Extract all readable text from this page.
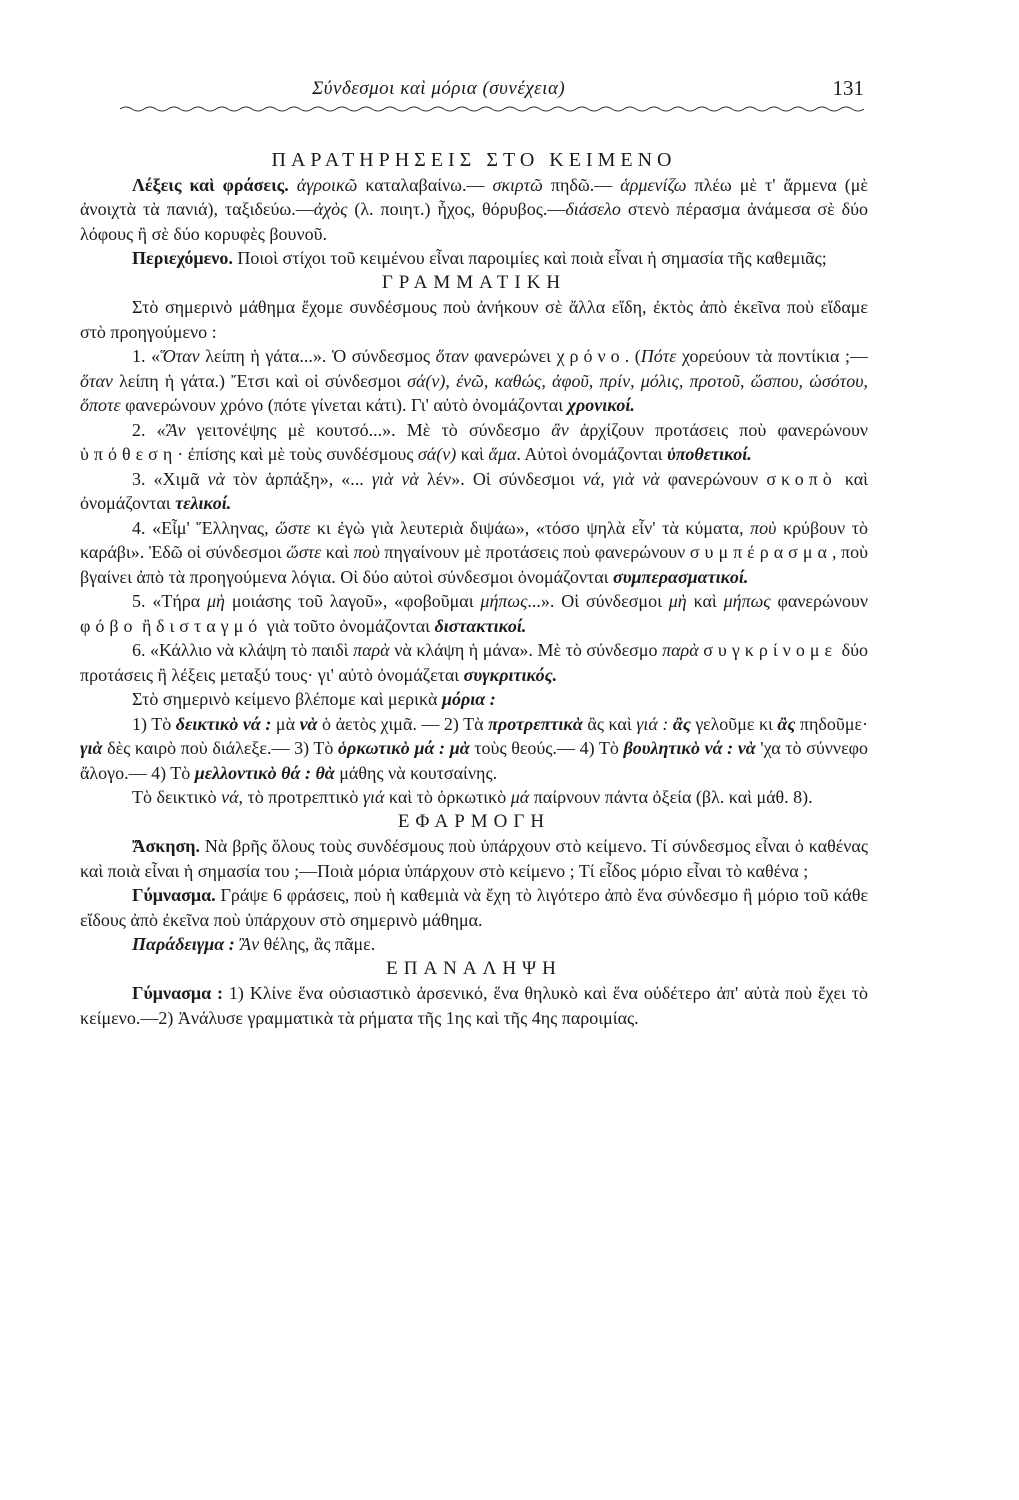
Σύνδεσμοι καὶ μόρια (συνέχεια)	131

ΠΑΡΑΤΗΡΗΣΕΙΣ ΣΤΟ ΚΕΙΜΕΝΟ

Λέξεις καὶ φράσεις. ἀγροικῶ καταλαβαίνω.— σκιρτῶ πηδῶ.— ἁρμενίζω πλέω μὲ τ' ἄρμενα (μὲ ἀνοιχτὰ τὰ πανιά), ταξιδεύω.—ἀχὸς (λ. ποιητ.) ἦχος, θόρυβος.—διάσελο στενὸ πέρασμα ἀνάμεσα σὲ δύο λόφους ἢ σὲ δύο κορυφὲς βουνοῦ.

Περιεχόμενο. Ποιοὶ στίχοι τοῦ κειμένου εἶναι παροιμίες καὶ ποιὰ εἶναι ἡ σημασία τῆς καθεμιᾶς;

ΓΡΑΜΜΑΤΙΚΗ

Στὸ σημερινὸ μάθημα ἔχομε συνδέσμους ποὺ ἀνήκουν σὲ ἄλλα εἴδη, ἐκτὸς ἀπὸ ἐκεῖνα ποὺ εἴδαμε στὸ προηγούμενο :

1. «Ὅταν λείπη ἡ γάτα...». Ὁ σύνδεσμος ὅταν φανερώνει χρόνο. (Πότε χορεύουν τὰ ποντίκια ;—ὅταν λείπη ἡ γάτα.) Ἔτσι καὶ οἱ σύνδεσμοι σά(ν), ἐνῶ, καθώς, ἀφοῦ, πρίν, μόλις, προτοῦ, ὥσπου, ὡσότου, ὅποτε φανερώνουν χρόνο (πότε γίνεται κάτι). Γι' αὐτὸ ὀνομάζονται χρονικοί.

2. «Ἂν γειτονέψης μὲ κουτσό...». Μὲ τὸ σύνδεσμο ἂν ἀρχίζουν προτάσεις ποὺ φανερώνουν ὑπόθεση· ἐπίσης καὶ μὲ τοὺς συνδέσμους σά(ν) καὶ ἅμα. Αὐτοὶ ὀνομάζονται ὑποθετικοί.

3. «Χιμᾶ νὰ τὸν ἁρπάξη», «... γιὰ νὰ λέν». Οἱ σύνδεσμοι νά, γιὰ νὰ φανερώνουν σκοπὸ καὶ ὀνομάζονται τελικοί.

4. «Εἶμ' Ἕλληνας, ὥστε κι ἐγὼ γιὰ λευτεριὰ διψάω», «τόσο ψηλὰ εἶν' τὰ κύματα, ποὺ κρύβουν τὸ καράβι». Ἐδῶ οἱ σύνδεσμοι ὥστε καὶ ποὺ πηγαίνουν μὲ προτάσεις ποὺ φανερώνουν συμπέρασμα, ποὺ βγαίνει ἀπὸ τὰ προηγούμενα λόγια. Οἱ δύο αὐτοὶ σύνδεσμοι ὀνομάζονται συμπερασματικοί.

5. «Τήρα μὴ μοιάσης τοῦ λαγοῦ», «φοβοῦμαι μήπως...». Οἱ σύνδεσμοι μὴ καὶ μήπως φανερώνουν φόβο ἢ δισταγμό γιὰ τοῦτο ὀνομάζονται διστακτικοί.

6. «Κάλλιο νὰ κλάψη τὸ παιδὶ παρὰ νὰ κλάψη ἡ μάνα». Μὲ τὸ σύνδεσμο παρὰ συγκρίνομε δύο προτάσεις ἢ λέξεις μεταξύ τους· γι' αὐτὸ ὀνομάζεται συγκριτικός.

Στὸ σημερινὸ κείμενο βλέπομε καὶ μερικὰ μόρια :

1) Τὸ δεικτικὸ νά : μὰ νὰ ὁ ἀετὸς χιμᾶ. — 2) Τὰ προτρεπτικὰ ἂς καὶ γιά : ἂς γελοῦμε κι ἂς πηδοῦμε· γιὰ δὲς καιρὸ ποὺ διάλεξε.— 3) Τὸ ὁρκωτικὸ μά : μὰ τοὺς θεούς.— 4) Τὸ βουλητικὸ νά : νὰ 'χα τὸ σύννεφο ἄλογο.— 4) Τὸ μελλοντικὸ θά : θὰ μάθης νὰ κουτσαίνης.

Τὸ δεικτικὸ νά, τὸ προτρεπτικὸ γιά καὶ τὸ ὁρκωτικὸ μά παίρνουν πάντα ὀξεία (βλ. καὶ μάθ. 8).

ΕΦΑΡΜΟΓΗ

Ἄσκηση. Νὰ βρῆς ὅλους τοὺς συνδέσμους ποὺ ὑπάρχουν στὸ κείμενο. Τί σύνδεσμος εἶναι ὁ καθένας καὶ ποιὰ εἶναι ἡ σημασία του ;—Ποιὰ μόρια ὑπάρχουν στὸ κείμενο ; Τί εἶδος μόριο εἶναι τὸ καθένα ;

Γύμνασμα. Γράψε 6 φράσεις, ποὺ ἡ καθεμιὰ νὰ ἔχη τὸ λιγότερο ἀπὸ ἕνα σύνδεσμο ἢ μόριο τοῦ κάθε εἴδους ἀπὸ ἐκεῖνα ποὺ ὑπάρχουν στὸ σημερινὸ μάθημα.

Παράδειγμα : Ἂν θέλης, ἂς πᾶμε.

ΕΠΑΝΑΛΗΨΗ

Γύμνασμα : 1) Κλίνε ἕνα οὐσιαστικὸ ἀρσενικό, ἕνα θηλυκὸ καὶ ἕνα οὐδέτερο ἀπ' αὐτὰ ποὺ ἔχει τὸ κείμενο.—2) Ἀνάλυσε γραμματικὰ τὰ ρήματα τῆς 1ης καὶ τῆς 4ης παροιμίας.
